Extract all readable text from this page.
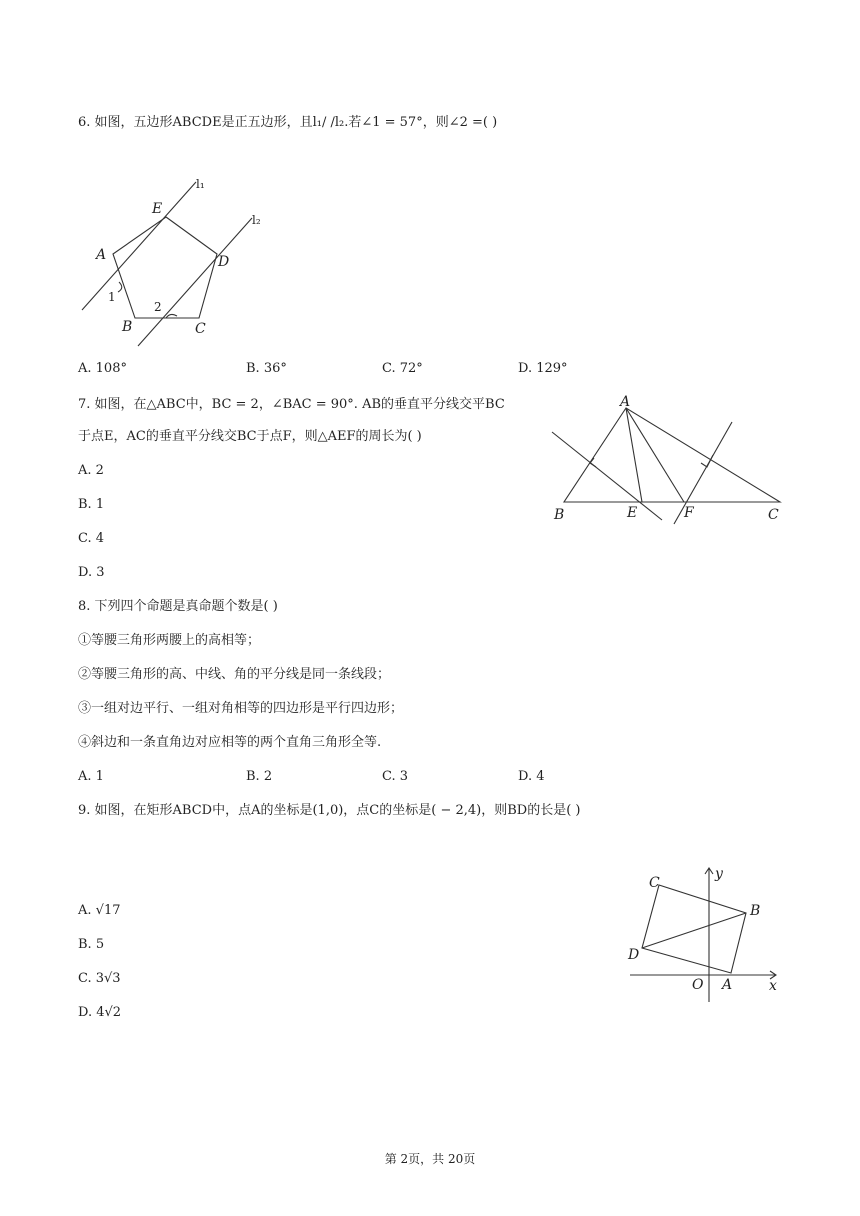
6. 如图，五边形ABCDE是正五边形，且l₁/ /l₂.若∠1 = 57°，则∠2 =( )
l₁
l₂
E
A	D
B	C
1
2
A. 108°	B. 36°	C. 72°	D. 129°
7. 如图，在△ABC中，BC = 2，∠BAC = 90°. AB的垂直平分线交平BC
于点E，AC的垂直平分线交BC于点F，则△AEF的周长为( )
A
B	E	F	C
A. 2
B. 1
C. 4
D. 3
8. 下列四个命题是真命题个数是( )
①等腰三角形两腰上的高相等；
②等腰三角形的高、中线、角的平分线是同一条线段；
③一组对边平行、一组对角相等的四边形是平行四边形；
④斜边和一条直角边对应相等的两个直角三角形全等.
A. 1	B. 2	C. 3	D. 4
9. 如图，在矩形ABCD中，点A的坐标是(1,0)，点C的坐标是( − 2,4)，则BD的长是( )
C
B
D
O A	x
y
A. √17
B. 5
C. 3√3
D. 4√2
第 2页，共 20页
